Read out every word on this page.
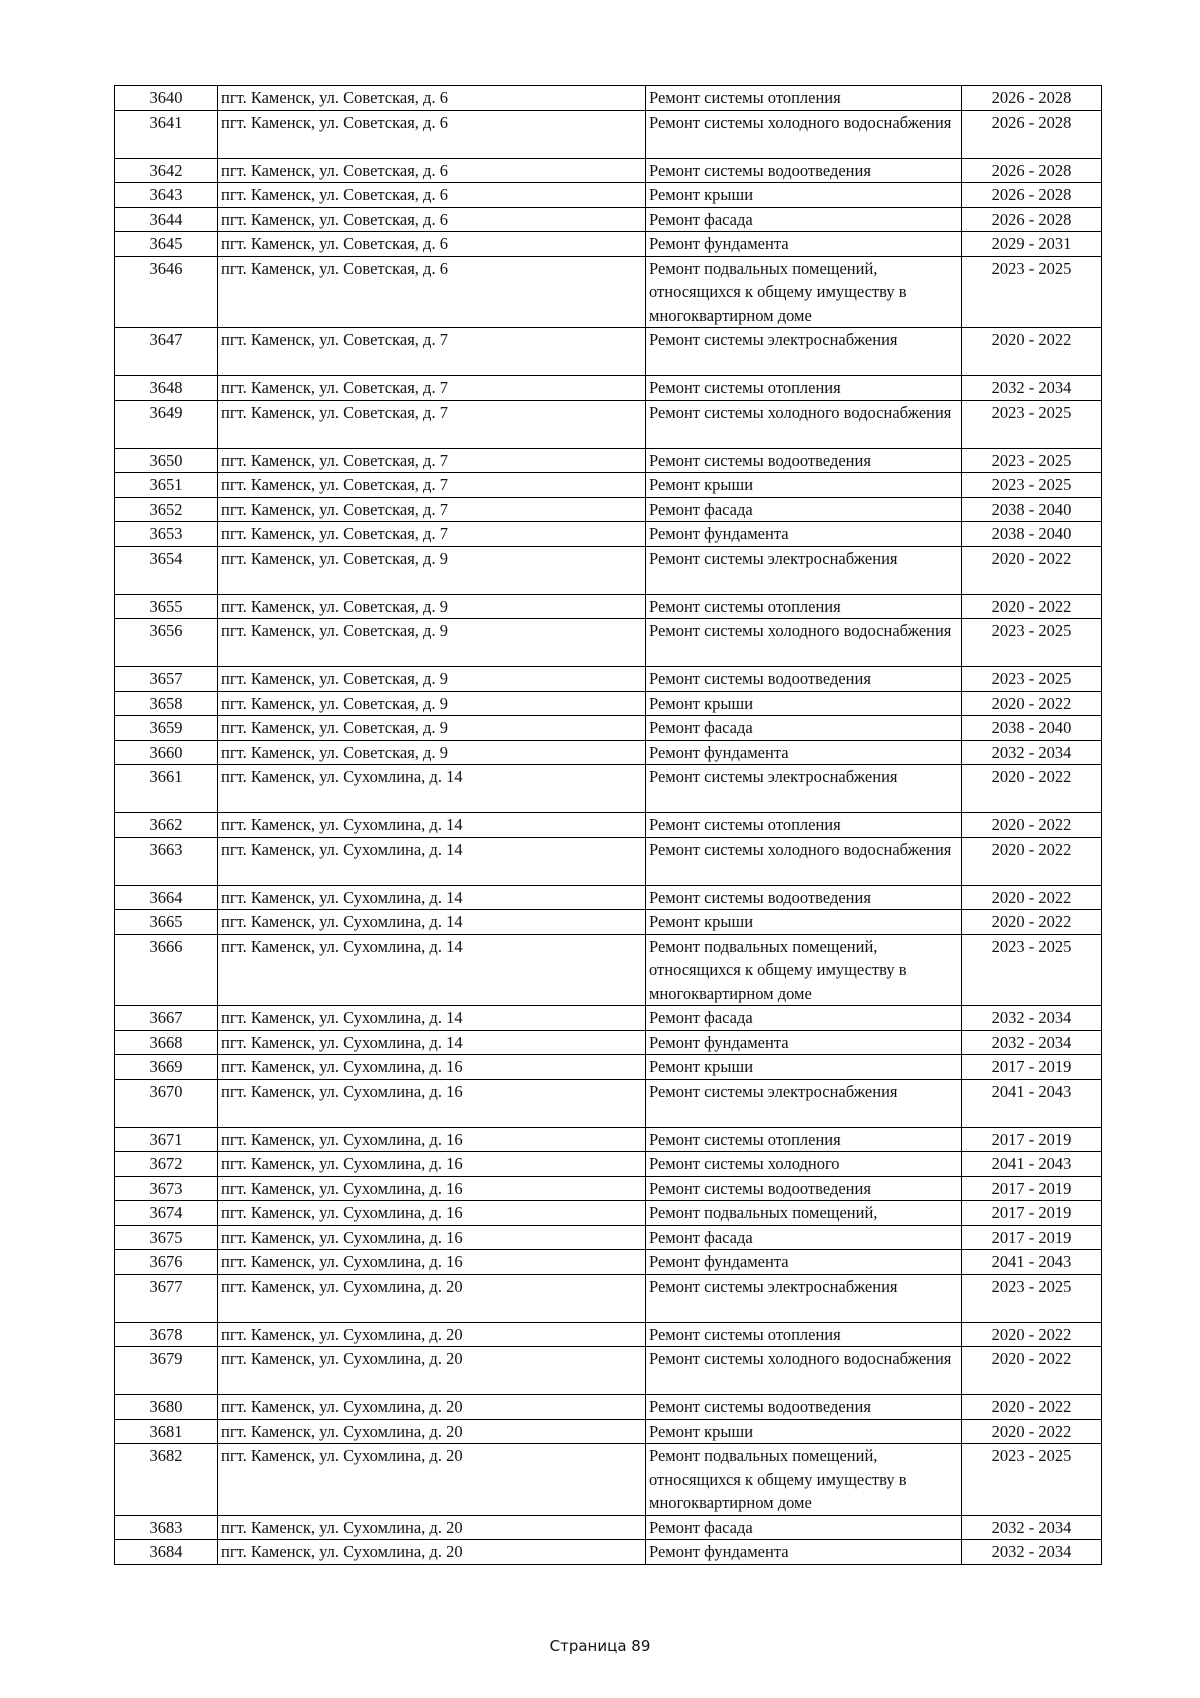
3640	пгт. Каменск, ул. Советская, д. 6	Ремонт системы отопления	2026 - 2028
3641	пгт. Каменск, ул. Советская, д. 6	Ремонт системы холодного водоснабжения	2026 - 2028
3642	пгт. Каменск, ул. Советская, д. 6	Ремонт системы водоотведения	2026 - 2028
3643	пгт. Каменск, ул. Советская, д. 6	Ремонт крыши	2026 - 2028
3644	пгт. Каменск, ул. Советская, д. 6	Ремонт фасада	2026 - 2028
3645	пгт. Каменск, ул. Советская, д. 6	Ремонт фундамента	2029 - 2031
3646	пгт. Каменск, ул. Советская, д. 6	Ремонт подвальных помещений, относящихся к общему имуществу в многоквартирном доме	2023 - 2025
3647	пгт. Каменск, ул. Советская, д. 7	Ремонт системы электроснабжения	2020 - 2022
3648	пгт. Каменск, ул. Советская, д. 7	Ремонт системы отопления	2032 - 2034
3649	пгт. Каменск, ул. Советская, д. 7	Ремонт системы холодного водоснабжения	2023 - 2025
3650	пгт. Каменск, ул. Советская, д. 7	Ремонт системы водоотведения	2023 - 2025
3651	пгт. Каменск, ул. Советская, д. 7	Ремонт крыши	2023 - 2025
3652	пгт. Каменск, ул. Советская, д. 7	Ремонт фасада	2038 - 2040
3653	пгт. Каменск, ул. Советская, д. 7	Ремонт фундамента	2038 - 2040
3654	пгт. Каменск, ул. Советская, д. 9	Ремонт системы электроснабжения	2020 - 2022
3655	пгт. Каменск, ул. Советская, д. 9	Ремонт системы отопления	2020 - 2022
3656	пгт. Каменск, ул. Советская, д. 9	Ремонт системы холодного водоснабжения	2023 - 2025
3657	пгт. Каменск, ул. Советская, д. 9	Ремонт системы водоотведения	2023 - 2025
3658	пгт. Каменск, ул. Советская, д. 9	Ремонт крыши	2020 - 2022
3659	пгт. Каменск, ул. Советская, д. 9	Ремонт фасада	2038 - 2040
3660	пгт. Каменск, ул. Советская, д. 9	Ремонт фундамента	2032 - 2034
3661	пгт. Каменск, ул. Сухомлина, д. 14	Ремонт системы электроснабжения	2020 - 2022
3662	пгт. Каменск, ул. Сухомлина, д. 14	Ремонт системы отопления	2020 - 2022
3663	пгт. Каменск, ул. Сухомлина, д. 14	Ремонт системы холодного водоснабжения	2020 - 2022
3664	пгт. Каменск, ул. Сухомлина, д. 14	Ремонт системы водоотведения	2020 - 2022
3665	пгт. Каменск, ул. Сухомлина, д. 14	Ремонт крыши	2020 - 2022
3666	пгт. Каменск, ул. Сухомлина, д. 14	Ремонт подвальных помещений, относящихся к общему имуществу в многоквартирном доме	2023 - 2025
3667	пгт. Каменск, ул. Сухомлина, д. 14	Ремонт фасада	2032 - 2034
3668	пгт. Каменск, ул. Сухомлина, д. 14	Ремонт фундамента	2032 - 2034
3669	пгт. Каменск, ул. Сухомлина, д. 16	Ремонт крыши	2017 - 2019
3670	пгт. Каменск, ул. Сухомлина, д. 16	Ремонт системы электроснабжения	2041 - 2043
3671	пгт. Каменск, ул. Сухомлина, д. 16	Ремонт системы отопления	2017 - 2019
3672	пгт. Каменск, ул. Сухомлина, д. 16	Ремонт системы холодного	2041 - 2043
3673	пгт. Каменск, ул. Сухомлина, д. 16	Ремонт системы водоотведения	2017 - 2019
3674	пгт. Каменск, ул. Сухомлина, д. 16	Ремонт подвальных помещений,	2017 - 2019
3675	пгт. Каменск, ул. Сухомлина, д. 16	Ремонт фасада	2017 - 2019
3676	пгт. Каменск, ул. Сухомлина, д. 16	Ремонт фундамента	2041 - 2043
3677	пгт. Каменск, ул. Сухомлина, д. 20	Ремонт системы электроснабжения	2023 - 2025
3678	пгт. Каменск, ул. Сухомлина, д. 20	Ремонт системы отопления	2020 - 2022
3679	пгт. Каменск, ул. Сухомлина, д. 20	Ремонт системы холодного водоснабжения	2020 - 2022
3680	пгт. Каменск, ул. Сухомлина, д. 20	Ремонт системы водоотведения	2020 - 2022
3681	пгт. Каменск, ул. Сухомлина, д. 20	Ремонт крыши	2020 - 2022
3682	пгт. Каменск, ул. Сухомлина, д. 20	Ремонт подвальных помещений, относящихся к общему имуществу в многоквартирном доме	2023 - 2025
3683	пгт. Каменск, ул. Сухомлина, д. 20	Ремонт фасада	2032 - 2034
3684	пгт. Каменск, ул. Сухомлина, д. 20	Ремонт фундамента	2032 - 2034
Страница 89
